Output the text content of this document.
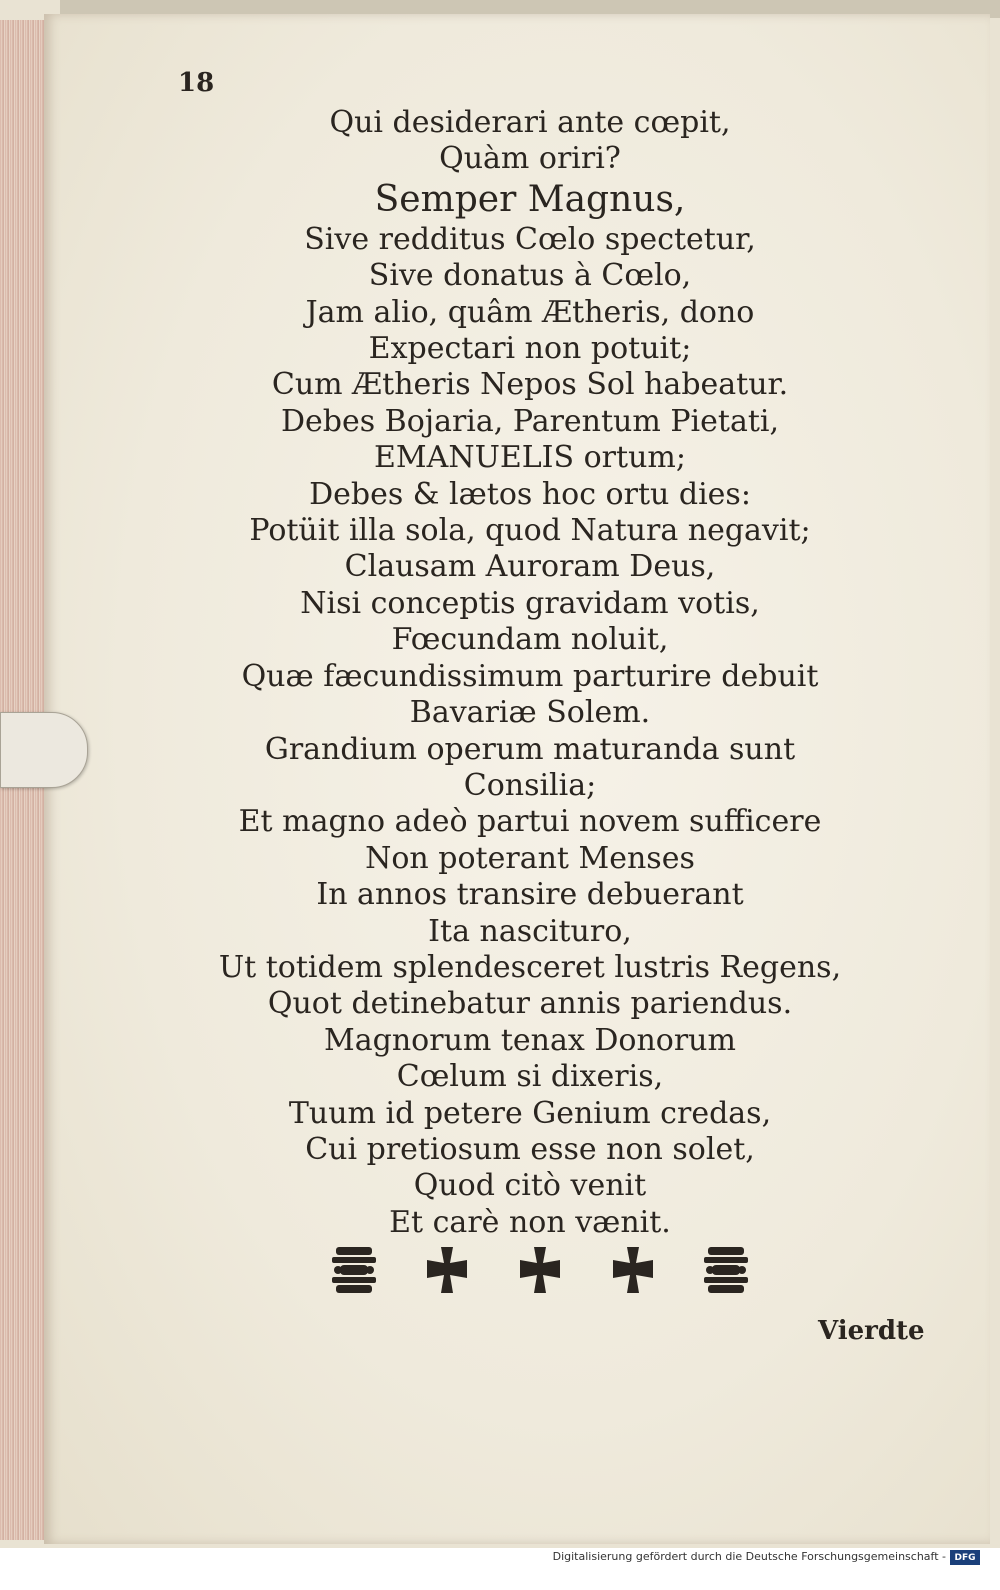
18
Qui desiderari ante cœpit,
Quàm oriri?
Semper Magnus,
Sive redditus Cœlo spectetur,
Sive donatus à Cœlo,
Jam alio, quâm Ætheris, dono
Expectari non potuit;
Cum Ætheris Nepos Sol habeatur.
Debes Bojaria, Parentum Pietati,
EMANUELIS ortum;
Debes & lætos hoc ortu dies:
Potüit illa sola, quod Natura negavit;
Clausam Auroram Deus,
Nisi conceptis gravidam votis,
Fœcundam noluit,
Quæ fæcundissimum parturire debuit
Bavariæ Solem.
Grandium operum maturanda sunt
Consilia;
Et magno adeò partui novem sufficere
Non poterant Menses
In annos transire debuerant
Ita nascituro,
Ut totidem splendesceret lustris Regens,
Quot detinebatur annis pariendus.
Magnorum tenax Donorum
Cœlum si dixeris,
Tuum id petere Genium credas,
Cui pretiosum esse non solet,
Quod citò venit
Et carè non vænit.
Vierdte
Digitalisierung gefördert durch die Deutsche Forschungsgemeinschaft - DFG
